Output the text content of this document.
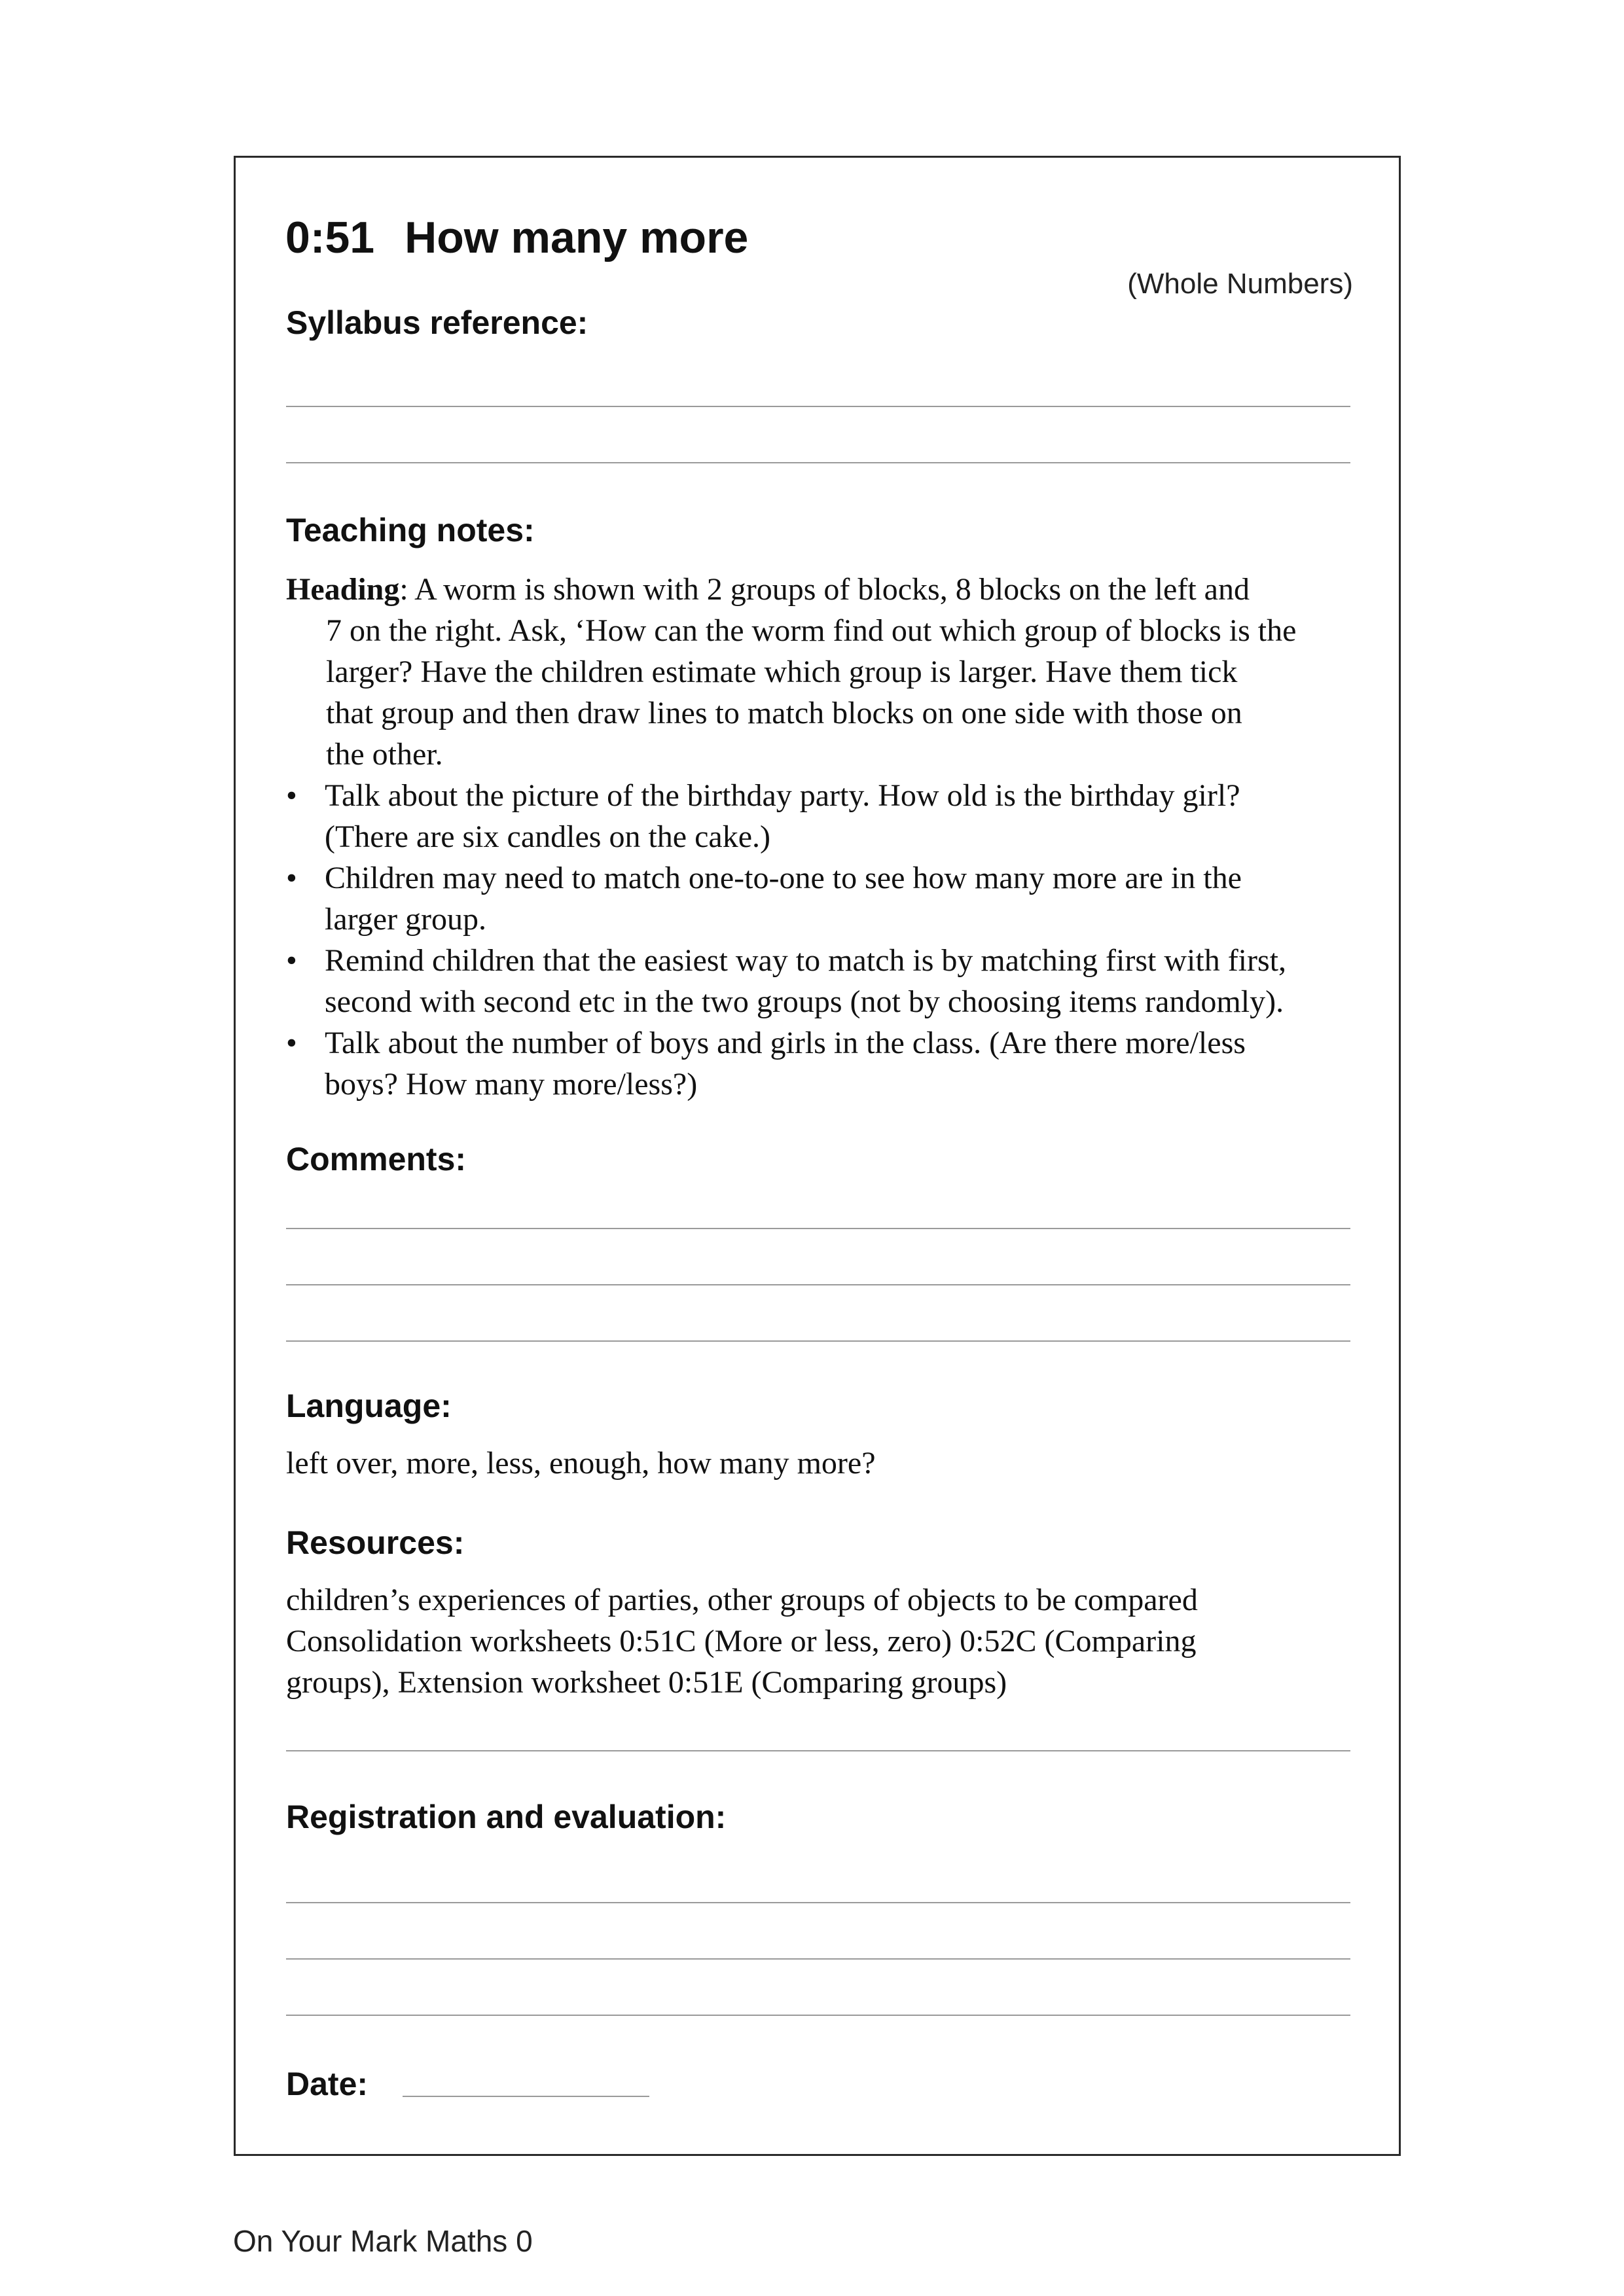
0:51 How many more
(Whole Numbers)
Syllabus reference:
Teaching notes:

Heading: A worm is shown with 2 groups of blocks, 8 blocks on the left and
7 on the right. Ask, ‘How can the worm find out which group of blocks is the
larger? Have the children estimate which group is larger. Have them tick
that group and then draw lines to match blocks on one side with those on
the other.

• Talk about the picture of the birthday party. How old is the birthday girl?
(There are six candles on the cake.)
• Children may need to match one-to-one to see how many more are in the
larger group.
• Remind children that the easiest way to match is by matching first with first,
second with second etc in the two groups (not by choosing items randomly).
• Talk about the number of boys and girls in the class. (Are there more/less
boys? How many more/less?)
Comments:
Language:
left over, more, less, enough, how many more?
Resources:
children’s experiences of parties, other groups of objects to be compared
Consolidation worksheets 0:51C (More or less, zero) 0:52C (Comparing
groups), Extension worksheet 0:51E (Comparing groups)
Registration and evaluation:
Date:
On Your Mark Maths 0
